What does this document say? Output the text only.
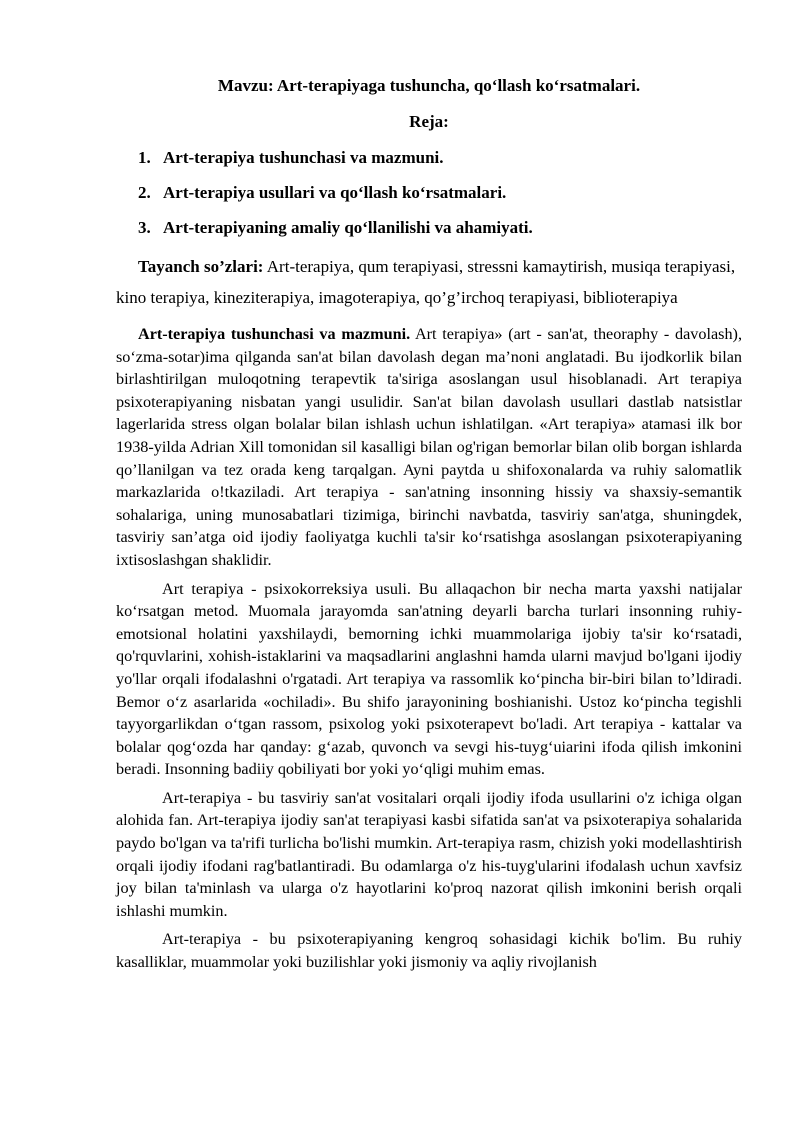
Mavzu: Art-terapiyaga tushuncha, qo‘llash ko‘rsatmalari.
Reja:
1. Art-terapiya tushunchasi va mazmuni.
2. Art-terapiya usullari va qo‘llash ko‘rsatmalari.
3. Art-terapiyaning amaliy qo‘llanilishi va ahamiyati.

Tayanch so’zlari: Art-terapiya, qum terapiyasi, stressni kamaytirish, musiqa terapiyasi, kino terapiya, kineziterapiya, imagoterapiya, qo’g’irchoq terapiyasi, biblioterapiya

Art-terapiya tushunchasi va mazmuni. Art terapiya» (art - san'at, theoraphy - davolash), so‘zma-sotar)ima qilganda san'at bilan davolash degan ma’noni anglatadi. Bu ijodkorlik bilan birlashtirilgan muloqotning terapevtik ta'siriga asoslangan usul hisoblanadi. Art terapiya psixoterapiyaning nisbatan yangi usulidir. San'at bilan davolash usullari dastlab natsistlar lagerlarida stress olgan bolalar bilan ishlash uchun ishlatilgan. «Art terapiya» atamasi ilk bor 1938-yilda Adrian Xill tomonidan sil kasalligi bilan og'rigan bemorlar bilan olib borgan ishlarda qo’llanilgan va tez orada keng tarqalgan. Ayni paytda u shifoxonalarda va ruhiy salomatlik markazlarida o!tkaziladi. Art terapiya - san'atning insonning hissiy va shaxsiy-semantik sohalariga, uning munosabatlari tizimiga, birinchi navbatda, tasviriy san'atga, shuningdek, tasviriy san’atga oid ijodiy faoliyatga kuchli ta'sir ko‘rsatishga asoslangan psixoterapiyaning ixtisoslashgan shaklidir.

Art terapiya - psixokorreksiya usuli. Bu allaqachon bir necha marta yaxshi natijalar ko‘rsatgan metod. Muomala jarayomda san'atning deyarli barcha turlari insonning ruhiy-emotsional holatini yaxshilaydi, bemorning ichki muammolariga ijobiy ta'sir ko‘rsatadi, qo'rquvlarini, xohish-istaklarini va maqsadlarini anglashni hamda ularni mavjud bo'lgani ijodiy yo'llar orqali ifodalashni o'rgatadi. Art terapiya va rassomlik ko‘pincha bir-biri bilan to’ldiradi. Bemor o‘z asarlarida «ochiladi». Bu shifo jarayonining boshianishi. Ustoz ko‘pincha tegishli tayyorgarlikdan o‘tgan rassom, psixolog yoki psixoterapevt bo'ladi. Art terapiya - kattalar va bolalar qog‘ozda har qanday: g‘azab, quvonch va sevgi his-tuyg‘uiarini ifoda qilish imkonini beradi. Insonning badiiy qobiliyati bor yoki yo‘qligi muhim emas.

Art-terapiya - bu tasviriy san'at vositalari orqali ijodiy ifoda usullarini o'z ichiga olgan alohida fan. Art-terapiya ijodiy san'at terapiyasi kasbi sifatida san'at va psixoterapiya sohalarida paydo bo'lgan va ta'rifi turlicha bo'lishi mumkin. Art-terapiya rasm, chizish yoki modellashtirish orqali ijodiy ifodani rag'batlantiradi. Bu odamlarga o'z his-tuyg'ularini ifodalash uchun xavfsiz joy bilan ta'minlash va ularga o'z hayotlarini ko'proq nazorat qilish imkonini berish orqali ishlashi mumkin.

Art-terapiya - bu psixoterapiyaning kengroq sohasidagi kichik bo'lim. Bu ruhiy kasalliklar, muammolar yoki buzilishlar yoki jismoniy va aqliy rivojlanish
